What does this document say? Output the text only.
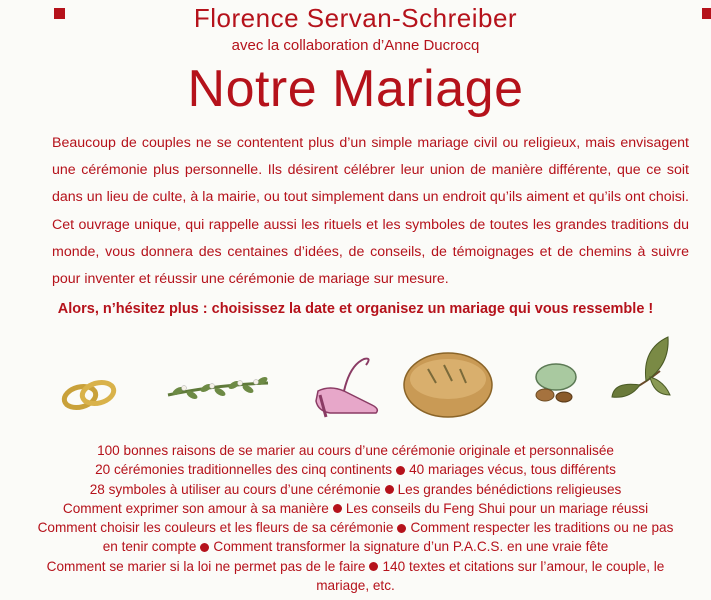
Florence Servan-Schreiber
avec la collaboration d’Anne Ducrocq
Notre Mariage

Beaucoup de couples ne se contentent plus d’un simple mariage civil ou religieux, mais envisagent une cérémonie plus personnelle. Ils désirent célébrer leur union de manière différente, que ce soit dans un lieu de culte, à la mairie, ou tout simplement dans un endroit qu’ils aiment et qu’ils ont choisi. Cet ouvrage unique, qui rappelle aussi les rituels et les symboles de toutes les grandes traditions du monde, vous donnera des centaines d’idées, de conseils, de témoignages et de chemins à suivre pour inventer et réussir une cérémonie de mariage sur mesure.

Alors, n’hésitez plus : choisissez la date et organisez un mariage qui vous ressemble !

100 bonnes raisons de se marier au cours d’une cérémonie originale et personnalisée
20 cérémonies traditionnelles des cinq continents 40 mariages vécus, tous différents
28 symboles à utiliser au cours d’une cérémonie Les grandes bénédictions religieuses
Comment exprimer son amour à sa manière Les conseils du Feng Shui pour un mariage réussi
Comment choisir les couleurs et les fleurs de sa cérémonie Comment respecter les traditions ou ne pas en tenir compte Comment transformer la signature d’un P.A.C.S. en une vraie fête
Comment se marier si la loi ne permet pas de le faire 140 textes et citations sur l’amour, le couple, le mariage, etc.
